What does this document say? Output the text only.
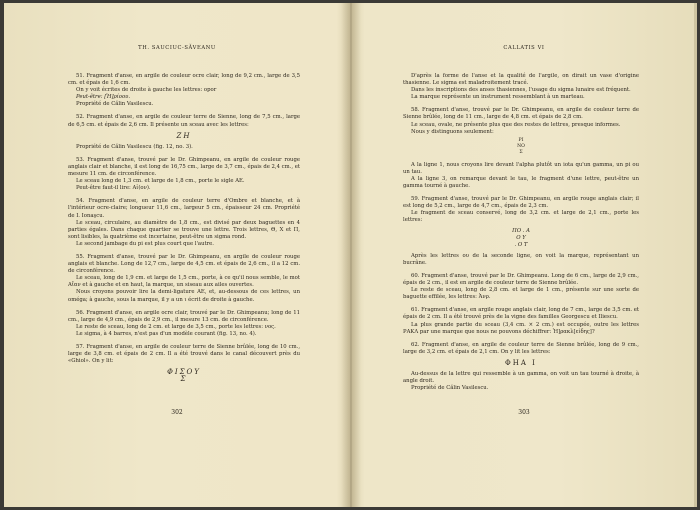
TH. SAUCIUC-SĂVEANU

51. Fragment d'anse, en argile de couleur ocre clair, long de 9,2 cm., large de 3,5 cm. et épais de 1,6 cm.

On y voit écrites de droite à gauche les lettres: opor

Peut-être: [Ἡ]ρίοου.

Propriété de Călin Vasilescu.

52. Fragment d'anse, en argile de couleur terre de Sienne, long de 7,5 cm., large de 6,5 cm. et épais de 2,6 cm. Il présente un sceau avec les lettres:

ΖΗ

Propriété de Călin Vasilescu (fig. 12, no. 3).

53. Fragment d'anse, trouvé par le Dr. Ghimpeanu, en argile de couleur rouge anglais clair et blanche, il est long de 16,75 cm., large de 3,7 cm., épais de 2,4 cm., et mesure 11 cm. de circonférence.

Le sceau long de 1,3 cm. et large de 1,8 cm., porte le sigle ΑΕ.

Peut-être faut-il lire: Αἰ(ον).

54. Fragment d'anse, en argile de couleur terre d'Ombre et blanche, et à l'intérieur ocre-claire; longueur 11,6 cm., largeur 5 cm., épaisseur 24 cm. Propriété de I. Ionaşcu.

Le sceau, circulaire, au diamètre de 1,8 cm., est divisé par deux baguettes en 4 parties égales. Dans chaque quartier se trouve une lettre. Trois lettres, Θ, Χ et Π, sont lisibles, la quatrième est incertaine, peut-être un sigma rond.

Le second jambage du pi est plus court que l'autre.

55. Fragment d'anse, trouvé par le Dr. Ghimpeanu, en argile de couleur rouge anglais et blanche. Long de 12,7 cm., large de 4,5 cm. et épais de 2,6 cm., il a 12 cm. de circonférence.

Le sceau, long de 1,9 cm. et large de 1,5 cm., porte, à ce qu'il nous semble, le mot Αἴαν et à gauche et en haut, la marque, un siseau aux ailes ouvertes.

Nous croyons pouvoir lire la demi-ligature ΑΕ, et, au-dessous de ces lettres, un oméga; à gauche, sous la marque, il y a un ι écrit de droite à gauche.

56. Fragment d'anse, en argile ocre clair, trouvé par le Dr. Ghimpeanu; long de 11 cm., large de 4,9 cm., épais de 2,9 cm., il mesure 13 cm. de circonférence.

Le reste de sceau, long de 2 cm. et large de 3,5 cm., porte les lettres: νος.

Le sigma, à 4 barres, n'est pas d'un modèle courant (fig. 13, no. 4).

57. Fragment d'anse, en argile de couleur terre de Sienne brûlée, long de 10 cm., large de 3,8 cm. et épais de 2 cm. Il a été trouvé dans le canal découvert près du «Ghiol». On y lit:

ΦΙΣΟΥ

Σ

302
CALLATIS VI

D'après la forme de l'anse et la qualité de l'argile, on dirait un vase d'origine thasienne. Le sigma est maladroitement tracé.

Dans les inscriptions des anses thasiennes, l'usage du sigma lunaire est fréquent.

La marque représente un instrument ressemblant à un marteau.

58. Fragment d'anse, trouvé par le Dr. Ghimpeanu, en argile de couleur terre de Sienne brûlée, long de 11 cm., large de 4,8 cm. et épais de 2,8 cm.

Le sceau, ovale, ne présente plus que des restes de lettres, presque informes.

Nous y distinguons seulement:

ΡΙ

ΝΟ

Σ

A la ligne 1, nous croyons lire devant l'alpha plutôt un iota qu'un gamma, un pi ou un tau.

A la ligne 3, on remarque devant le tau, le fragment d'une lettre, peut-être un gamma tourné à gauche.

59. Fragment d'anse, trouvé par le Dr. Ghimpeanu, en argile rouge anglais clair; il est long de 5,2 cm., large de 4,7 cm., épais de 2,3 cm.

Le fragment de sceau conservé, long de 3,2 cm. et large de 2,1 cm., porte les lettres:

ΠΟ . Α

Ο Υ

. Ο Τ

Après les lettres ου de la seconde ligne, on voit la marque, représentant un bucrâne.

60. Fragment d'anse, trouvé par le Dr. Ghimpeanu. Long de 6 cm., large de 2,9 cm., épais de 2 cm., il est en argile de couleur terre de Sienne brûlée.

Le reste de sceau, long de 2,8 cm. et large de 1 cm., présente sur une sorte de baguette effilée, les lettres: Ἀνρ.

61. Fragment d'anse, en argile rouge anglais clair, long de 7 cm., large de 3,5 cm. et épais de 2 cm. Il a été trouvé près de la vigne des familles Georgescu et Iliescu.

La plus grande partie du sceau (3,4 cm. × 2 cm.) est occupée, outre les lettres ΡΑΚΛ par une marque que nous ne pouvons déchiffrer: Ἡ]ρακλ[είδης]?

62. Fragment d'anse, en argile de couleur terre de Sienne brûlée, long de 9 cm., large de 3,2 cm. et épais de 2,1 cm. On y lit les lettres:

ΦΗΑ Ι

Au-dessus de la lettre qui ressemble à un gamma, on voit un tau tourné à droite, à angle droit.

Propriété de Călin Vasilescu.

303
